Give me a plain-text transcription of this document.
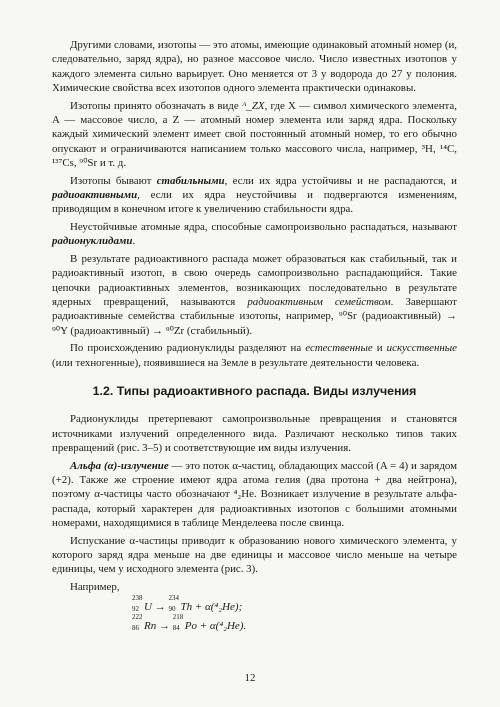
Другими словами, изотопы — это атомы, имеющие одинаковый атомный номер (и, следовательно, заряд ядра), но разное массовое число. Число известных изотопов у каждого элемента сильно варьирует. Оно меняется от 3 у водорода до 27 у полония. Химические свойства всех изотопов одного элемента практически одинаковы.

Изотопы принято обозначать в виде ᴬ_ZX, где X — символ химического элемента, A — массовое число, а Z — атомный номер элемента или заряд ядра. Поскольку каждый химический элемент имеет свой постоянный атомный номер, то его обычно опускают и ограничиваются написанием только массового числа, например, ³H, ¹⁴C, ¹³⁷Cs, ⁹⁰Sr и т. д.

Изотопы бывают стабильными, если их ядра устойчивы и не распадаются, и радиоактивными, если их ядра неустойчивы и подвергаются изменениям, приводящим в конечном итоге к увеличению стабильности ядра.

Неустойчивые атомные ядра, способные самопроизвольно распадаться, называют радионуклидами.

В результате радиоактивного распада может образоваться как стабильный, так и радиоактивный изотоп, в свою очередь самопроизвольно распадающийся. Такие цепочки радиоактивных элементов, возникающих последовательно в результате ядерных превращений, называются радиоактивным семейством. Завершают радиоактивные семейства стабильные изотопы, например, ⁹⁰Sr (радиоактивный) → ⁹⁰Y (радиоактивный) → ⁹⁰Zr (стабильный).

По происхождению радионуклиды разделяют на естественные и искусственные (или техногенные), появившиеся на Земле в результате деятельности человека.

1.2. Типы радиоактивного распада. Виды излучения

Радионуклиды претерпевают самопроизвольные превращения и становятся источниками излучений определенного вида. Различают несколько типов таких превращений (рис. 3–5) и соответствующие им виды излучения.

Альфа (α)-излучение — это поток α-частиц, обладающих массой (A = 4) и зарядом (+2). Также же строение имеют ядра атома гелия (два протона + два нейтрона), поэтому α-частицы часто обозначают ⁴₂He. Возникает излучение в результате альфа-распада, который характерен для радиоактивных изотопов с большими атомными номерами, находящимися в таблице Менделеева после свинца.

Испускание α-частицы приводит к образованию нового химического элемента, у которого заряд ядра меньше на две единицы и массовое число меньше на четыре единицы, чем у исходного элемента (рис. 3).

Например,

238
92 U →
234
90 Th + α(⁴₂He);
222
86 Rn →
218
84 Po + α(⁴₂He).
12
